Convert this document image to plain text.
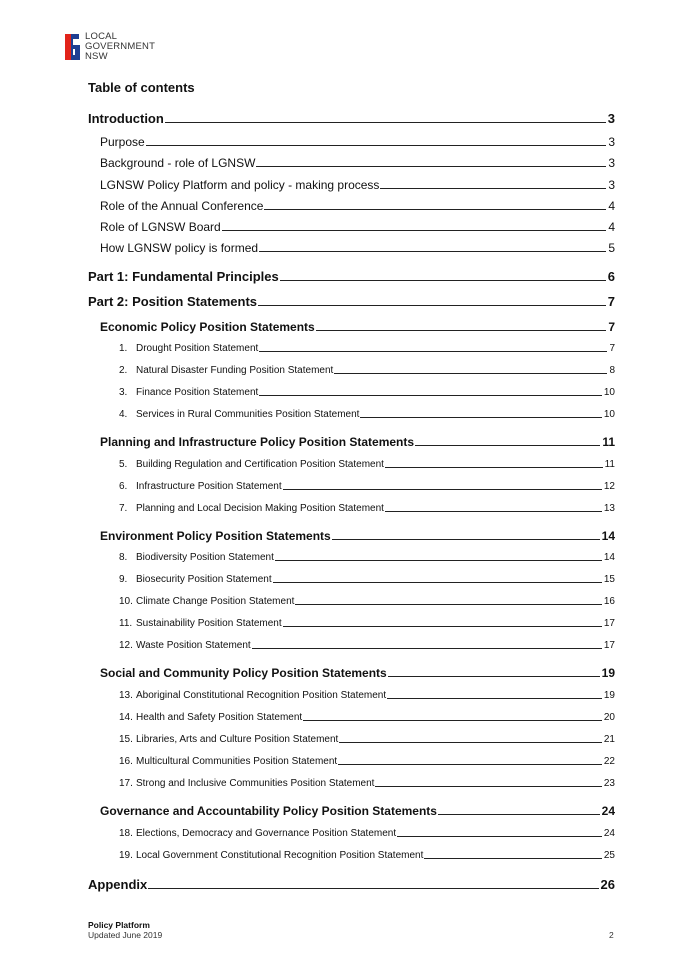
LOCAL
GOVERNMENT
NSW
Table of contents
Introduction	3
Purpose	3
Background - role of LGNSW	3
LGNSW Policy Platform and policy - making process	3
Role of the Annual Conference	4
Role of LGNSW Board	4
How LGNSW policy is formed	5
Part 1: Fundamental Principles	6
Part 2: Position Statements	7
Economic Policy Position Statements	7
1. Drought Position Statement	7
2. Natural Disaster Funding Position Statement	8
3. Finance Position Statement	10
4. Services in Rural Communities Position Statement	10
Planning and Infrastructure Policy Position Statements	11
5. Building Regulation and Certification Position Statement	11
6. Infrastructure Position Statement	12
7. Planning and Local Decision Making Position Statement	13
Environment Policy Position Statements	14
8. Biodiversity Position Statement	14
9. Biosecurity Position Statement	15
10. Climate Change Position Statement	16
11. Sustainability Position Statement	17
12. Waste Position Statement	17
Social and Community Policy Position Statements	19
13. Aboriginal Constitutional Recognition Position Statement	19
14. Health and Safety Position Statement	20
15. Libraries, Arts and Culture Position Statement	21
16. Multicultural Communities Position Statement	22
17. Strong and Inclusive Communities Position Statement	23
Governance and Accountability Policy Position Statements	24
18. Elections, Democracy and Governance Position Statement	24
19. Local Government Constitutional Recognition Position Statement	25
Appendix	26
Policy Platform
Updated June 2019	2
